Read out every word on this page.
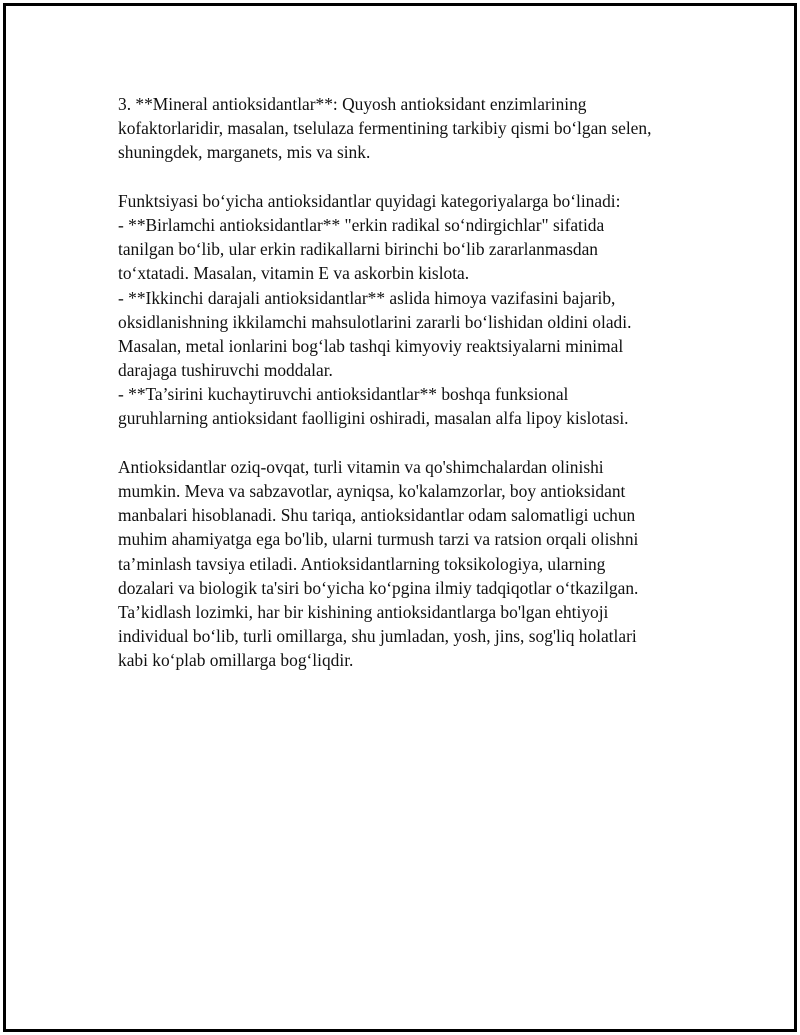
3. **Mineral antioksidantlar**: Quyosh antioksidant enzimlarining
kofaktorlaridir, masalan, tselulaza fermentining tarkibiy qismi bo‘lgan selen,
shuningdek, marganets, mis va sink.
Funktsiyasi bo‘yicha antioksidantlar quyidagi kategoriyalarga bo‘linadi:
- **Birlamchi antioksidantlar** "erkin radikal so‘ndirgichlar" sifatida
tanilgan bo‘lib, ular erkin radikallarni birinchi bo‘lib zararlanmasdan
to‘xtatadi. Masalan, vitamin E va askorbin kislota.
- **Ikkinchi darajali antioksidantlar** aslida himoya vazifasini bajarib,
oksidlanishning ikkilamchi mahsulotlarini zararli bo‘lishidan oldini oladi.
Masalan, metal ionlarini bog‘lab tashqi kimyoviy reaktsiyalarni minimal
darajaga tushiruvchi moddalar.
- **Ta’sirini kuchaytiruvchi antioksidantlar** boshqa funksional
guruhlarning antioksidant faolligini oshiradi, masalan alfa lipoy kislotasi.
Antioksidantlar oziq-ovqat, turli vitamin va qo'shimchalardan olinishi
mumkin. Meva va sabzavotlar, ayniqsa, ko'kalamzorlar, boy antioksidant
manbalari hisoblanadi. Shu tariqa, antioksidantlar odam salomatligi uchun
muhim ahamiyatga ega bo'lib, ularni turmush tarzi va ratsion orqali olishni
ta’minlash tavsiya etiladi. Antioksidantlarning toksikologiya, ularning
dozalari va biologik ta'siri bo‘yicha ko‘pgina ilmiy tadqiqotlar o‘tkazilgan.
Ta’kidlash lozimki, har bir kishining antioksidantlarga bo'lgan ehtiyoji
individual bo‘lib, turli omillarga, shu jumladan, yosh, jins, sog'liq holatlari
kabi ko‘plab omillarga bog‘liqdir.
